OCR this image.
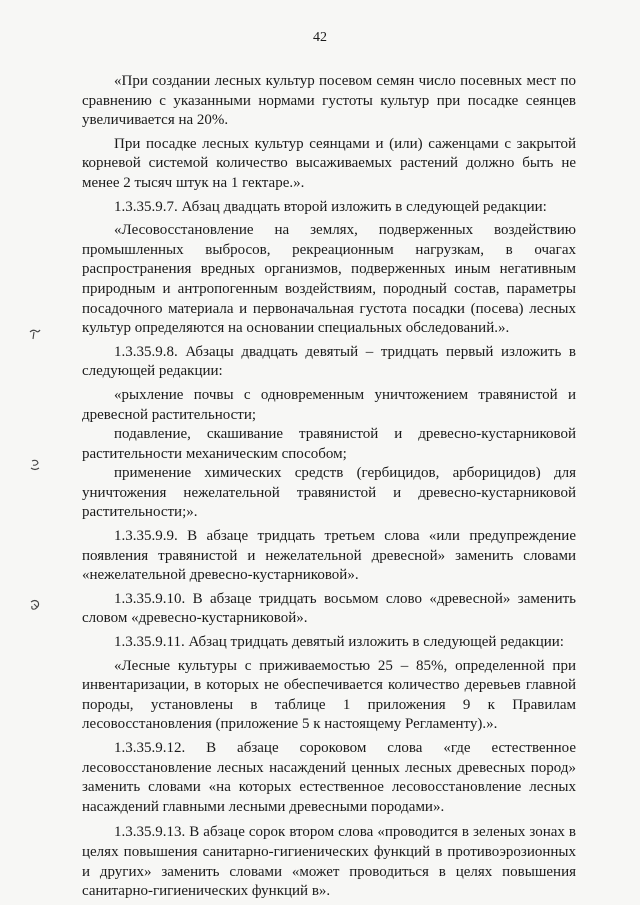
42

«При создании лесных культур посевом семян число посевных мест по сравнению с указанными нормами густоты культур при посадке сеянцев увеличивается на 20%.

При посадке лесных культур сеянцами и (или) саженцами с закрытой корневой системой количество высаживаемых растений должно быть не менее 2 тысяч штук на 1 гектаре.».

1.3.35.9.7. Абзац двадцать второй изложить в следующей редакции:

«Лесовосстановление на землях, подверженных воздействию промышленных выбросов, рекреационным нагрузкам, в очагах распространения вредных организмов, подверженных иным негативным природным и антропогенным воздействиям, породный состав, параметры посадочного материала и первоначальная густота посадки (посева) лесных культур определяются на основании специальных обследований.».

1.3.35.9.8. Абзацы двадцать девятый – тридцать первый изложить в следующей редакции:

«рыхление почвы с одновременным уничтожением травянистой и древесной растительности;

подавление, скашивание травянистой и древесно-кустарниковой растительности механическим способом;

применение химических средств (гербицидов, арборицидов) для уничтожения нежелательной травянистой и древесно-кустарниковой растительности;».

1.3.35.9.9. В абзаце тридцать третьем слова «или предупреждение появления травянистой и нежелательной древесной» заменить словами «нежелательной древесно-кустарниковой».

1.3.35.9.10. В абзаце тридцать восьмом слово «древесной» заменить словом «древесно-кустарниковой».

1.3.35.9.11. Абзац тридцать девятый изложить в следующей редакции:

«Лесные культуры с приживаемостью 25 – 85%, определенной при инвентаризации, в которых не обеспечивается количество деревьев главной породы, установлены в таблице 1 приложения 9 к Правилам лесовосстановления (приложение 5 к настоящему Регламенту).».

1.3.35.9.12. В абзаце сороковом слова «где естественное лесовосстановление лесных насаждений ценных лесных древесных пород» заменить словами «на которых естественное лесовосстановление лесных насаждений главными лесными древесными породами».

1.3.35.9.13. В абзаце сорок втором слова «проводится в зеленых зонах в целях повышения санитарно-гигиенических функций в противоэрозионных и других» заменить словами «может проводиться в целях повышения санитарно-гигиенических функций в».
